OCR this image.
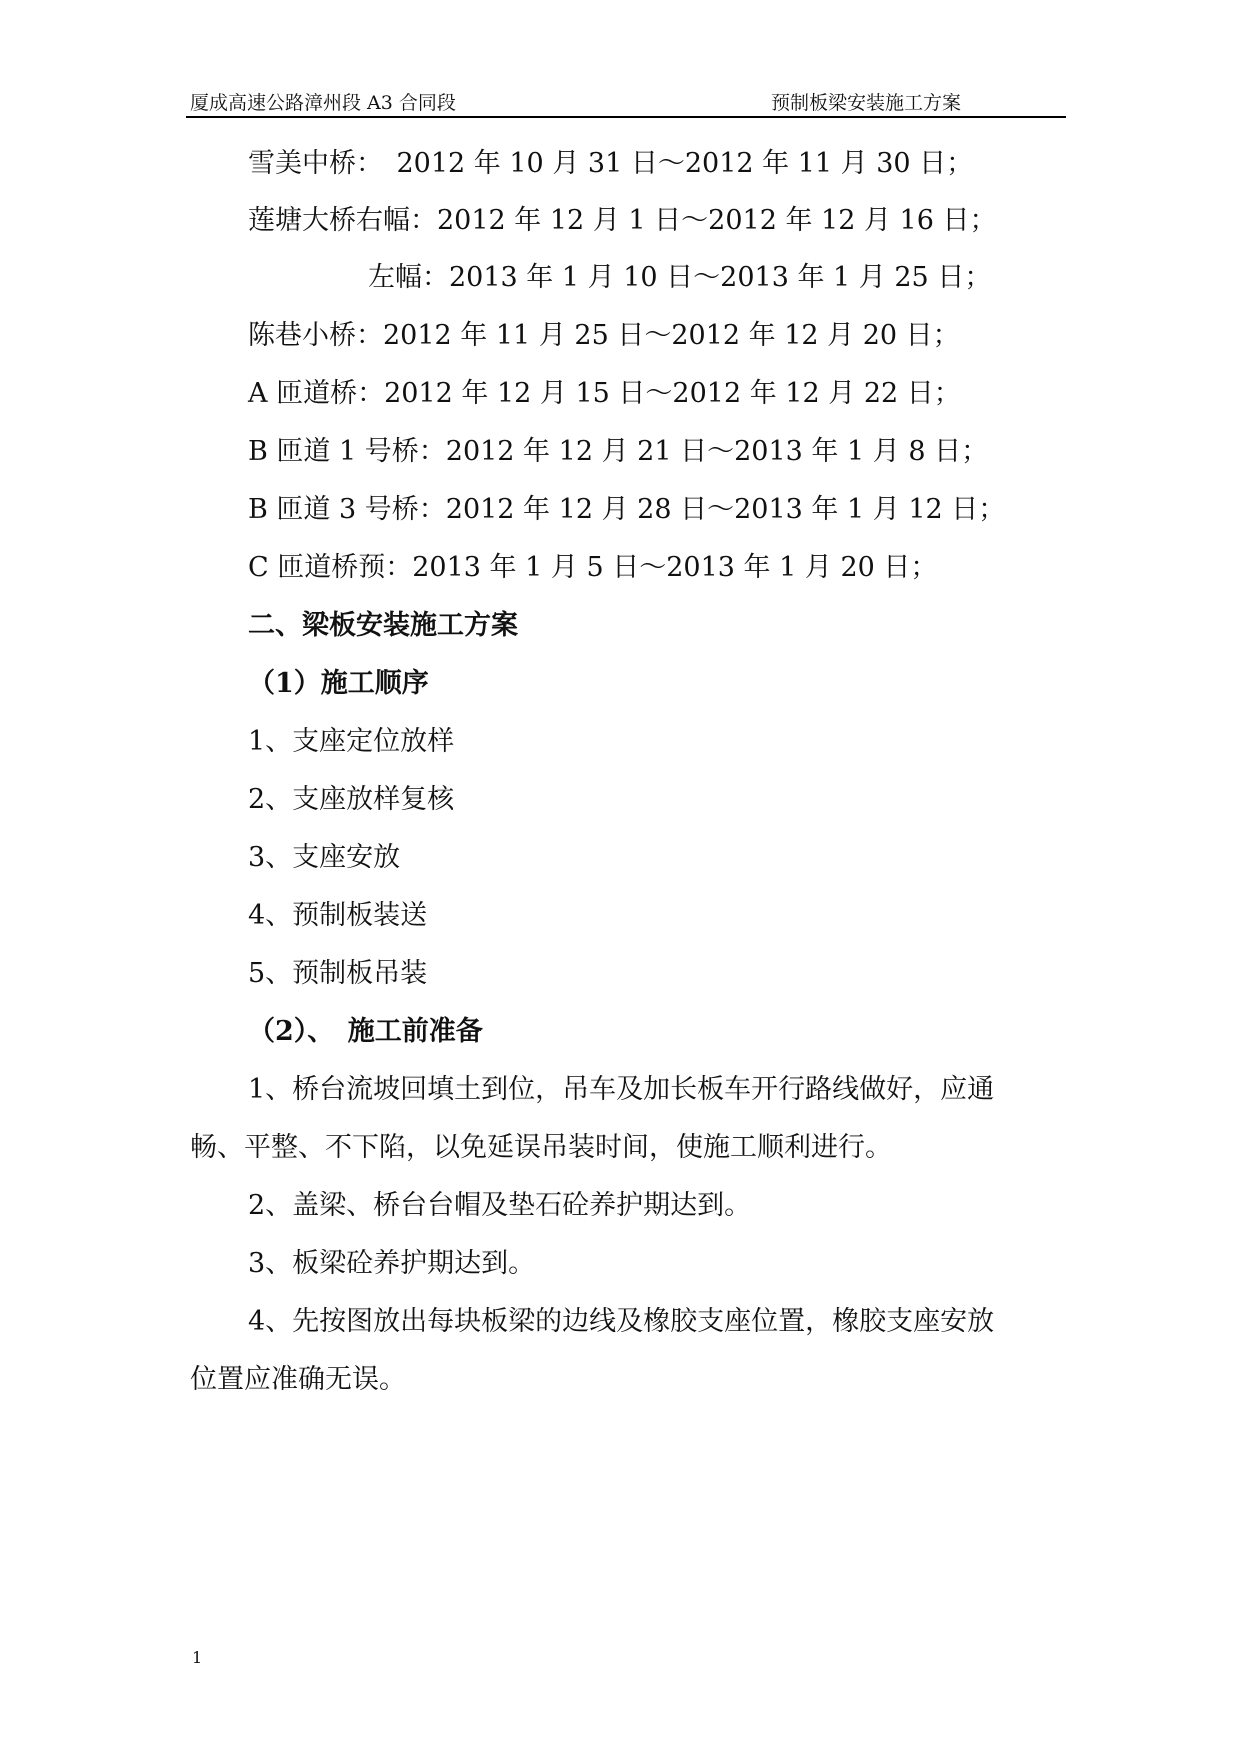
厦成高速公路漳州段 A3 合同段	预制板梁安装施工方案
雪美中桥：　2012 年 10 月 31 日～2012 年 11 月 30 日；
莲塘大桥右幅：2012 年 12 月 1 日～2012 年 12 月 16 日；
左幅：2013 年 1 月 10 日～2013 年 1 月 25 日；
陈巷小桥：2012 年 11 月 25 日～2012 年 12 月 20 日；
A 匝道桥：2012 年 12 月 15 日～2012 年 12 月 22 日；
B 匝道 1 号桥：2012 年 12 月 21 日～2013 年 1 月 8 日；
B 匝道 3 号桥：2012 年 12 月 28 日～2013 年 1 月 12 日；
C 匝道桥预：2013 年 1 月 5 日～2013 年 1 月 20 日；
二、梁板安装施工方案
（1）施工顺序
1、支座定位放样
2、支座放样复核
3、支座安放
4、预制板装送
5、预制板吊装
（2）、　施工前准备
1、桥台流坡回填土到位，吊车及加长板车开行路线做好，应通
畅、平整、不下陷，以免延误吊装时间，使施工顺利进行。
2、盖梁、桥台台帽及垫石砼养护期达到。
3、板梁砼养护期达到。
4、先按图放出每块板梁的边线及橡胶支座位置，橡胶支座安放
位置应准确无误。
1
